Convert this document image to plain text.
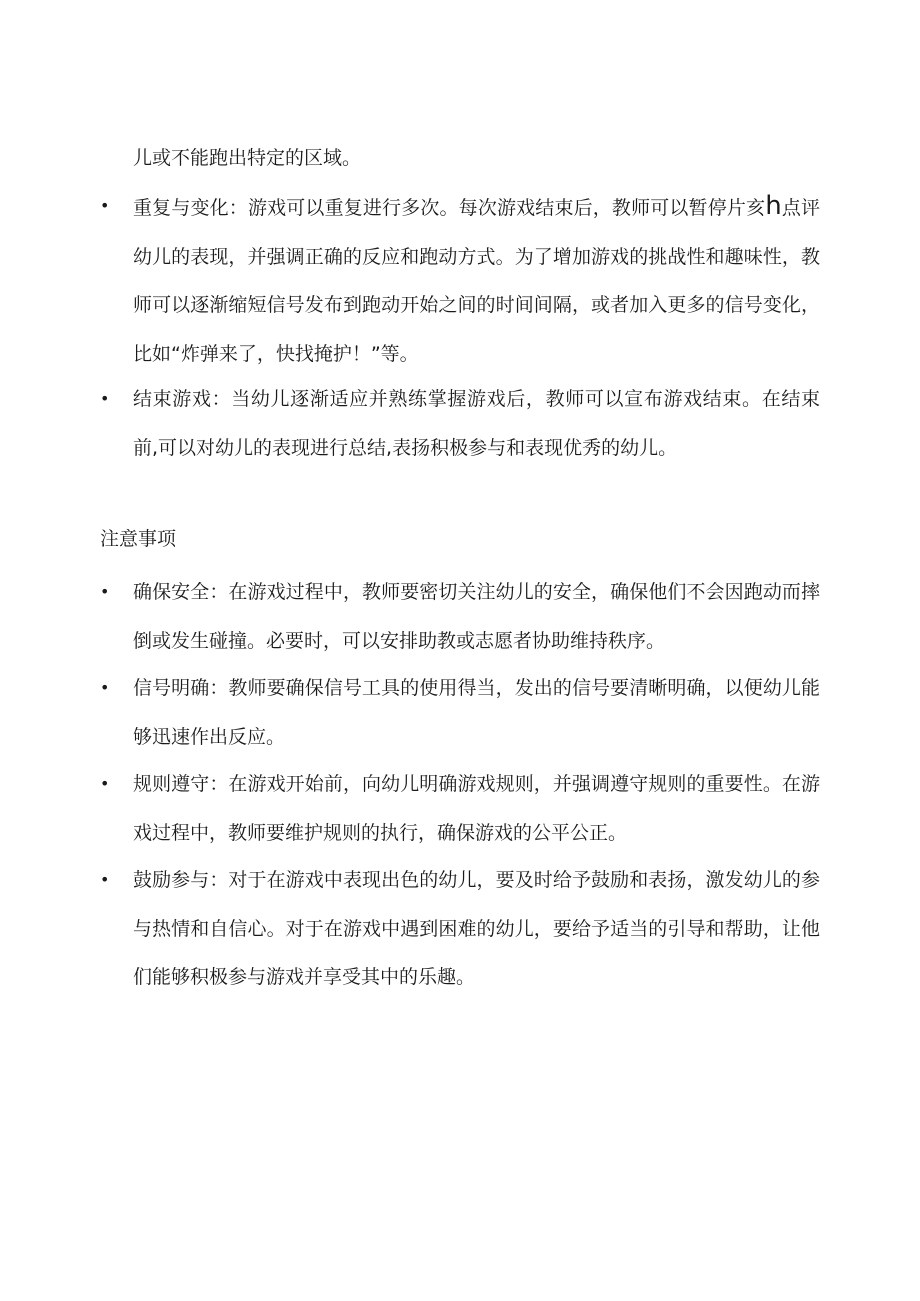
儿或不能跑出特定的区域。
• 重复与变化：游戏可以重复进行多次。每次游戏结束后，教师可以暂停片亥h点评幼儿的表现，并强调正确的反应和跑动方式。为了增加游戏的挑战性和趣味性，教师可以逐渐缩短信号发布到跑动开始之间的时间间隔，或者加入更多的信号变化，比如“炸弹来了，快找掩护！”等。
• 结束游戏：当幼儿逐渐适应并熟练掌握游戏后，教师可以宣布游戏结束。在结束前,可以对幼儿的表现进行总结,表扬积极参与和表现优秀的幼儿。
注意事项
• 确保安全：在游戏过程中，教师要密切关注幼儿的安全，确保他们不会因跑动而摔倒或发生碰撞。必要时，可以安排助教或志愿者协助维持秩序。
• 信号明确：教师要确保信号工具的使用得当，发出的信号要清晰明确，以便幼儿能够迅速作出反应。
• 规则遵守：在游戏开始前，向幼儿明确游戏规则，并强调遵守规则的重要性。在游戏过程中，教师要维护规则的执行，确保游戏的公平公正。
• 鼓励参与：对于在游戏中表现出色的幼儿，要及时给予鼓励和表扬，激发幼儿的参与热情和自信心。对于在游戏中遇到困难的幼儿，要给予适当的引导和帮助，让他们能够积极参与游戏并享受其中的乐趣。
